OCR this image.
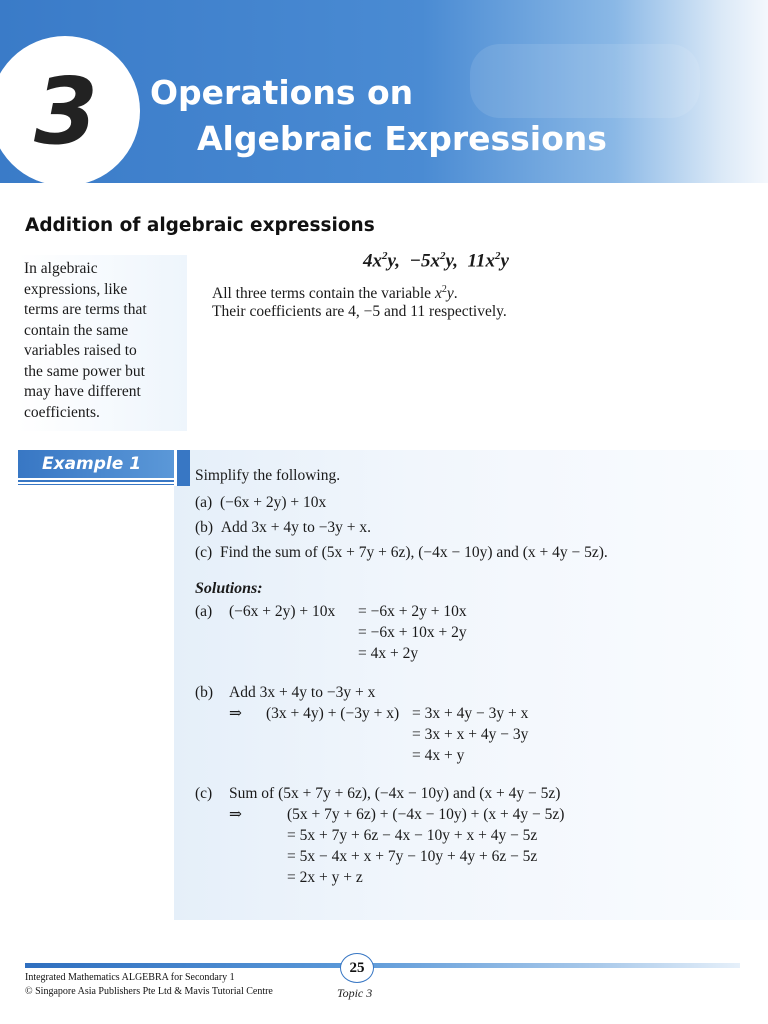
3	Operations on
Algebraic Expressions
Addition of algebraic expressions

In algebraic
expressions, like
terms are terms that
contain the same
variables raised to
the same power but
may have different
coefficients.

$4x^2y$, $-5x^2y$, $11x^2y$
All three terms contain the variable $x^2y$.
Their coefficients are 4, −5 and 11 respectively.
Example 1
Simplify the following.
(a) (−6x + 2y) + 10x
(b) Add 3x + 4y to −3y + x.
(c) Find the sum of (5x + 7y + 6z), (−4x − 10y) and (x + 4y − 5z).
Solutions:
(a) (−6x + 2y) + 10x = −6x + 2y + 10x
= −6x + 10x + 2y
= 4x + 2y
(b) Add 3x + 4y to −3y + x
⇒ (3x + 4y) + (−3y + x) = 3x + 4y − 3y + x
= 3x + x + 4y − 3y
= 4x + y
(c) Sum of (5x + 7y + 6z), (−4x − 10y) and (x + 4y − 5z)
⇒	(5x + 7y + 6z) + (−4x − 10y) + (x + 4y − 5z)
= 5x + 7y + 6z − 4x − 10y + x + 4y − 5z
= 5x − 4x + x + 7y − 10y + 4y + 6z − 5z
= 2x + y + z
25
Topic 3
Integrated Mathematics ALGEBRA for Secondary 1
© Singapore Asia Publishers Pte Ltd & Mavis Tutorial Centre
